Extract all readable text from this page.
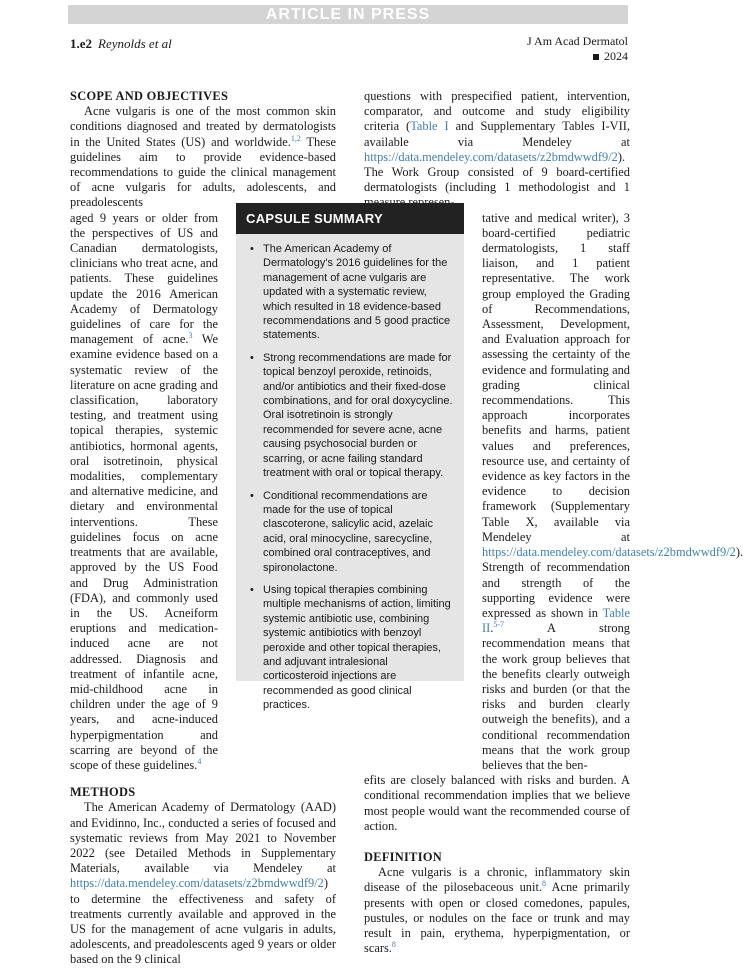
ARTICLE IN PRESS
1.e2 Reynolds et al	J Am Acad Dermatol
2024
SCOPE AND OBJECTIVES

Acne vulgaris is one of the most common skin conditions diagnosed and treated by dermatologists in the United States (US) and worldwide.$^{1,2}$ These guidelines aim to provide evidence-based recommendations to guide the clinical management of acne vulgaris for adults, adolescents, and preadolescents

aged 9 years or older from the perspectives of US and Canadian dermatologists, clinicians who treat acne, and patients. These guidelines update the 2016 American Academy of Dermatology guidelines of care for the management of acne.$^3$ We examine evidence based on a systematic review of the literature on acne grading and classification, laboratory testing, and treatment using topical therapies, systemic antibiotics, hormonal agents, oral isotretinoin, physical modalities, complementary and alternative medicine, and dietary and environmental interventions. These guidelines focus on acne treatments that are available, approved by the US Food and Drug Administration (FDA), and commonly used in the US. Acneiform eruptions and medication-induced acne are not addressed. Diagnosis and treatment of infantile acne, mid-childhood acne in children under the age of 9 years, and acne-induced hyperpigmentation and scarring are beyond of the scope of these guidelines.$^4$

METHODS

The American Academy of Dermatology (AAD) and Evidinno, Inc., conducted a series of focused and systematic reviews from May 2021 to November 2022 (see Detailed Methods in Supplementary Materials, available via Mendeley at https://data.mendeley.com/datasets/z2bmdwwdf9/2) to determine the effectiveness and safety of treatments currently available and approved in the US for the management of acne vulgaris in adults, adolescents, and preadolescents aged 9 years or older based on the 9 clinical

questions with prespecified patient, intervention, comparator, and outcome and study eligibility criteria (Table I and Supplementary Tables I-VII, available via Mendeley at https://data.mendeley.com/datasets/z2bmdwwdf9/2). The Work Group consisted of 9 board-certified dermatologists (including 1 methodologist and 1

tative and medical writer), 3 board-certified pediatric dermatologists, 1 staff liaison, and 1 patient representative. The work group employed the Grading of Recommendations, Assessment, Development, and Evaluation approach for assessing the certainty of the evidence and formulating and grading clinical recommendations. This approach incorporates benefits and harms, patient values and preferences, resource use, and certainty of evidence as key factors in the evidence to decision framework (Supplementary Table X, available via Mendeley at https://data.mendeley.com/datasets/z2bmdwwdf9/2). Strength of recommendation and strength of the supporting evidence were expressed as shown in Table II.$^{5-7}$ A strong recommendation means that the work group believes that the benefits clearly outweigh risks and burden (or that the risks and burden clearly outweigh the benefits), and a conditional recommendation means that the work group believes that the ben-

efits are closely balanced with risks and burden. A conditional recommendation implies that we believe most people would want the recommended course of action.

DEFINITION

Acne vulgaris is a chronic, inflammatory skin disease of the pilosebaceous unit.$^8$ Acne primarily presents with open or closed comedones, papules, pustules, or nodules on the face or trunk and may result in pain, erythema, hyperpigmentation, or scars.$^8$

CAPSULE SUMMARY
• The American Academy of Dermatology's 2016 guidelines for the management of acne vulgaris are updated with a systematic review, which resulted in 18 evidence-based recommendations and 5 good practice statements.
• Strong recommendations are made for topical benzoyl peroxide, retinoids, and/or antibiotics and their fixed-dose combinations, and for oral doxycycline. Oral isotretinoin is strongly recommended for severe acne, acne causing psychosocial burden or scarring, or acne failing standard treatment with oral or topical therapy.
• Conditional recommendations are made for the use of topical clascoterone, salicylic acid, azelaic acid, oral minocycline, sarecycline, combined oral contraceptives, and spironolactone.
• Using topical therapies combining multiple mechanisms of action, limiting systemic antibiotic use, combining systemic antibiotics with benzoyl peroxide and other topical therapies, and adjuvant intralesional corticosteroid injections are recommended as good clinical practices.
